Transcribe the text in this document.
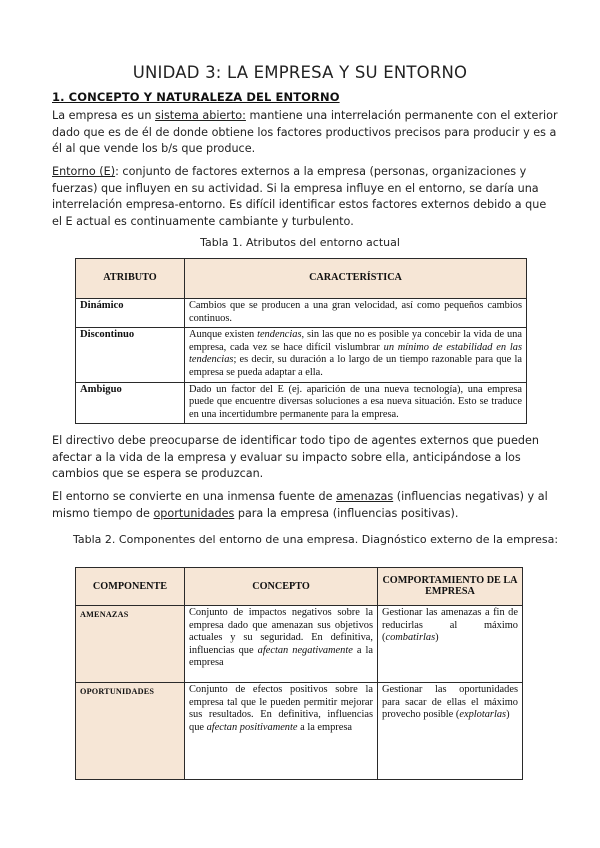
UNIDAD 3: LA EMPRESA Y SU ENTORNO
1. CONCEPTO Y NATURALEZA DEL ENTORNO

La empresa es un sistema abierto: mantiene una interrelación permanente con el exterior dado que es de él de donde obtiene los factores productivos precisos para producir y es a él al que vende los b/s que produce.

Entorno (E): conjunto de factores externos a la empresa (personas, organizaciones y fuerzas) que influyen en su actividad. Si la empresa influye en el entorno, se daría una interrelación empresa-entorno. Es difícil identificar estos factores externos debido a que el E actual es continuamente cambiante y turbulento.

Tabla 1. Atributos del entorno actual
ATRIBUTO	CARACTERÍSTICA
Dinámico	Cambios que se producen a una gran velocidad, así como pequeños cambios continuos.
Discontinuo	Aunque existen tendencias, sin las que no es posible ya concebir la vida de una empresa, cada vez se hace difícil vislumbrar un mínimo de estabilidad en las tendencias; es decir, su duración a lo largo de un tiempo razonable para que la empresa se pueda adaptar a ella.
Ambiguo	Dado un factor del E (ej. aparición de una nueva tecnología), una empresa puede que encuentre diversas soluciones a esa nueva situación. Esto se traduce en una incertidumbre permanente para la empresa.

El directivo debe preocuparse de identificar todo tipo de agentes externos que pueden afectar a la vida de la empresa y evaluar su impacto sobre ella, anticipándose a los cambios que se espera se produzcan.

El entorno se convierte en una inmensa fuente de amenazas (influencias negativas) y al mismo tiempo de oportunidades para la empresa (influencias positivas).

Tabla 2. Componentes del entorno de una empresa. Diagnóstico externo de la empresa:
COMPONENTE	CONCEPTO	COMPORTAMIENTO DE LA EMPRESA
AMENAZAS	Conjunto de impactos negativos sobre la empresa dado que amenazan sus objetivos actuales y su seguridad. En definitiva, influencias que afectan negativamente a la empresa	Gestionar las amenazas a fin de reducirlas al máximo (combatirlas)
OPORTUNIDADES	Conjunto de efectos positivos sobre la empresa tal que le pueden permitir mejorar sus resultados. En definitiva, influencias que afectan positivamente a la empresa	Gestionar las oportunidades para sacar de ellas el máximo provecho posible (explotarlas)
